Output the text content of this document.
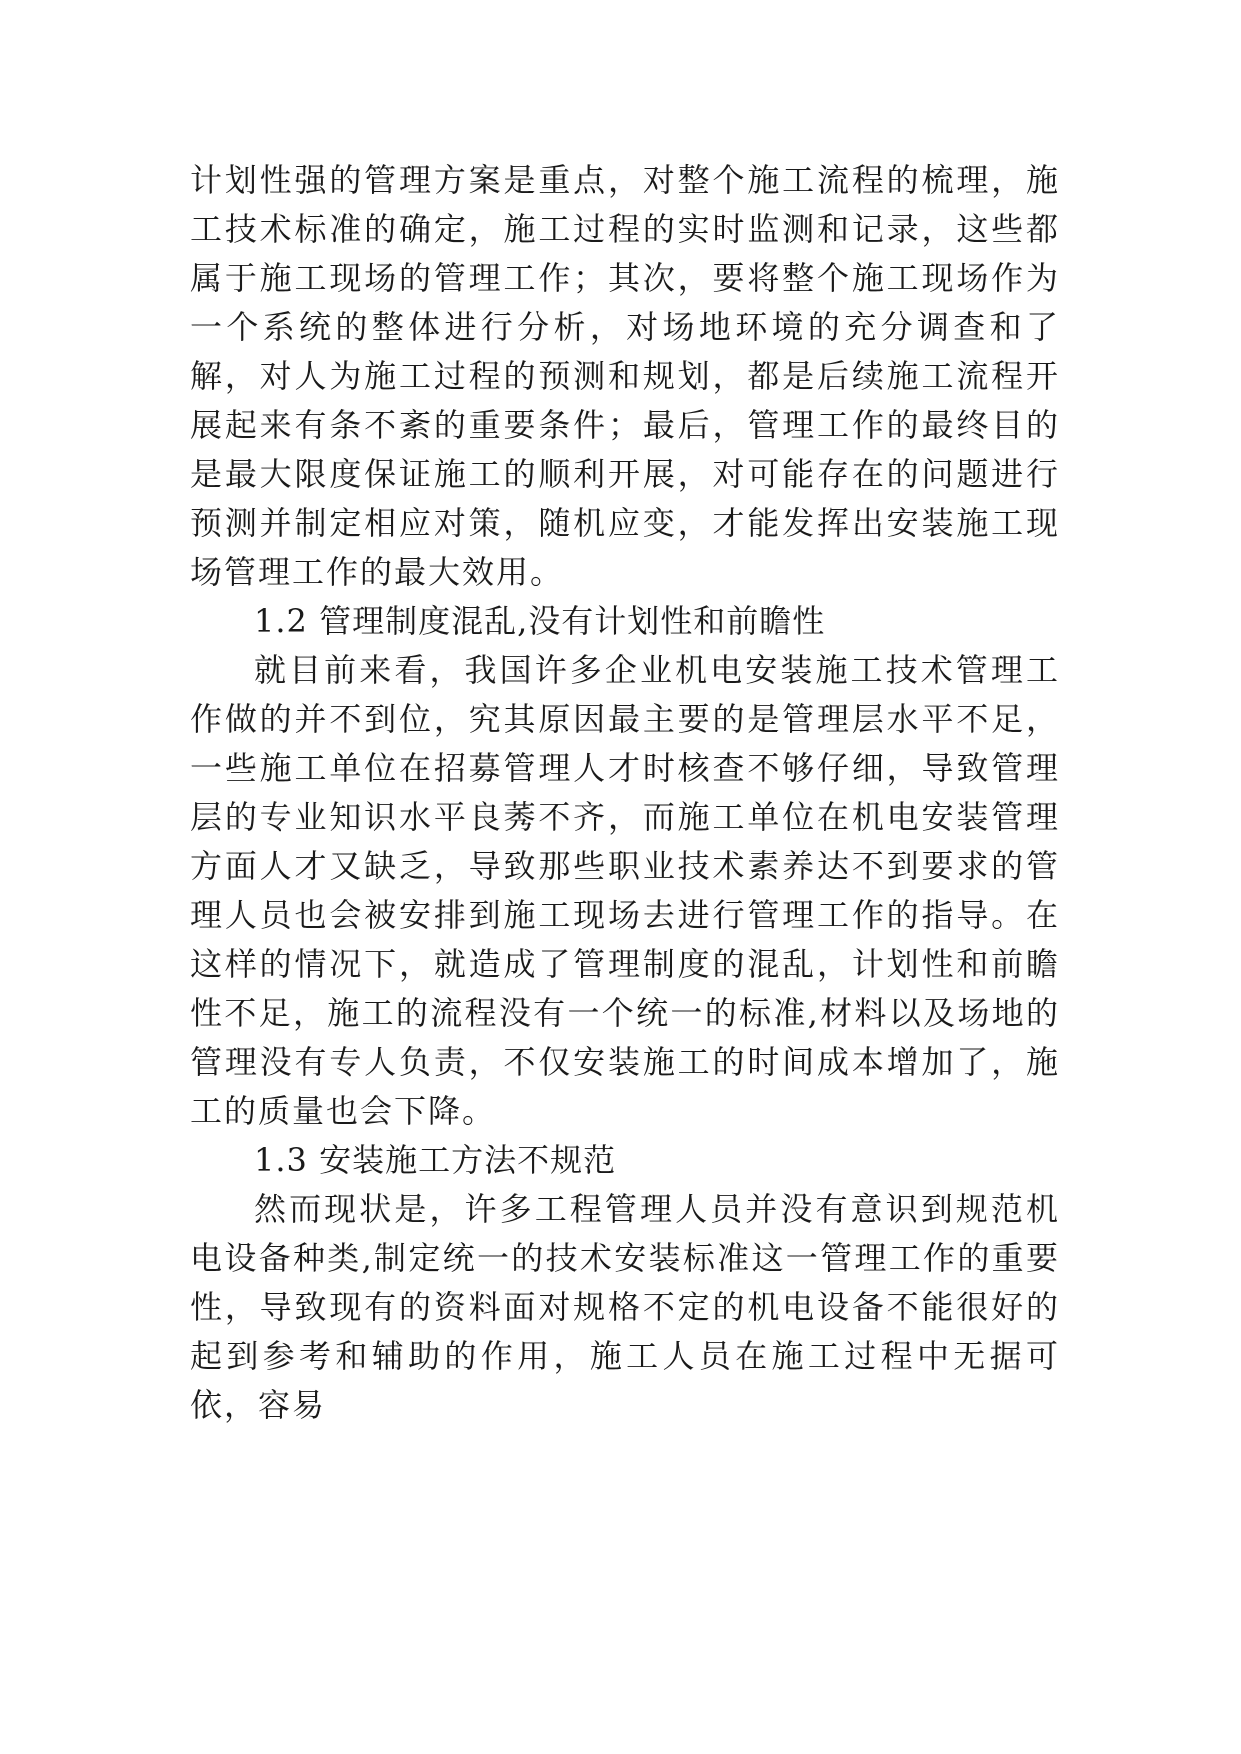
计划性强的管理方案是重点，对整个施工流程的梳理，施工技术标准的确定，施工过程的实时监测和记录，这些都属于施工现场的管理工作；其次，要将整个施工现场作为一个系统的整体进行分析，对场地环境的充分调查和了解，对人为施工过程的预测和规划，都是后续施工流程开展起来有条不紊的重要条件；最后，管理工作的最终目的是最大限度保证施工的顺利开展，对可能存在的问题进行预测并制定相应对策，随机应变，才能发挥出安装施工现场管理工作的最大效用。

1.2 管理制度混乱,没有计划性和前瞻性

就目前来看，我国许多企业机电安装施工技术管理工作做的并不到位，究其原因最主要的是管理层水平不足，一些施工单位在招募管理人才时核查不够仔细，导致管理层的专业知识水平良莠不齐，而施工单位在机电安装管理方面人才又缺乏，导致那些职业技术素养达不到要求的管理人员也会被安排到施工现场去进行管理工作的指导。在这样的情况下，就造成了管理制度的混乱，计划性和前瞻性不足，施工的流程没有一个统一的标准,材料以及场地的管理没有专人负责，不仅安装施工的时间成本增加了，施工的质量也会下降。

1.3 安装施工方法不规范

然而现状是，许多工程管理人员并没有意识到规范机电设备种类,制定统一的技术安装标准这一管理工作的重要性，导致现有的资料面对规格不定的机电设备不能很好的起到参考和辅助的作用，施工人员在施工过程中无据可依，容易
